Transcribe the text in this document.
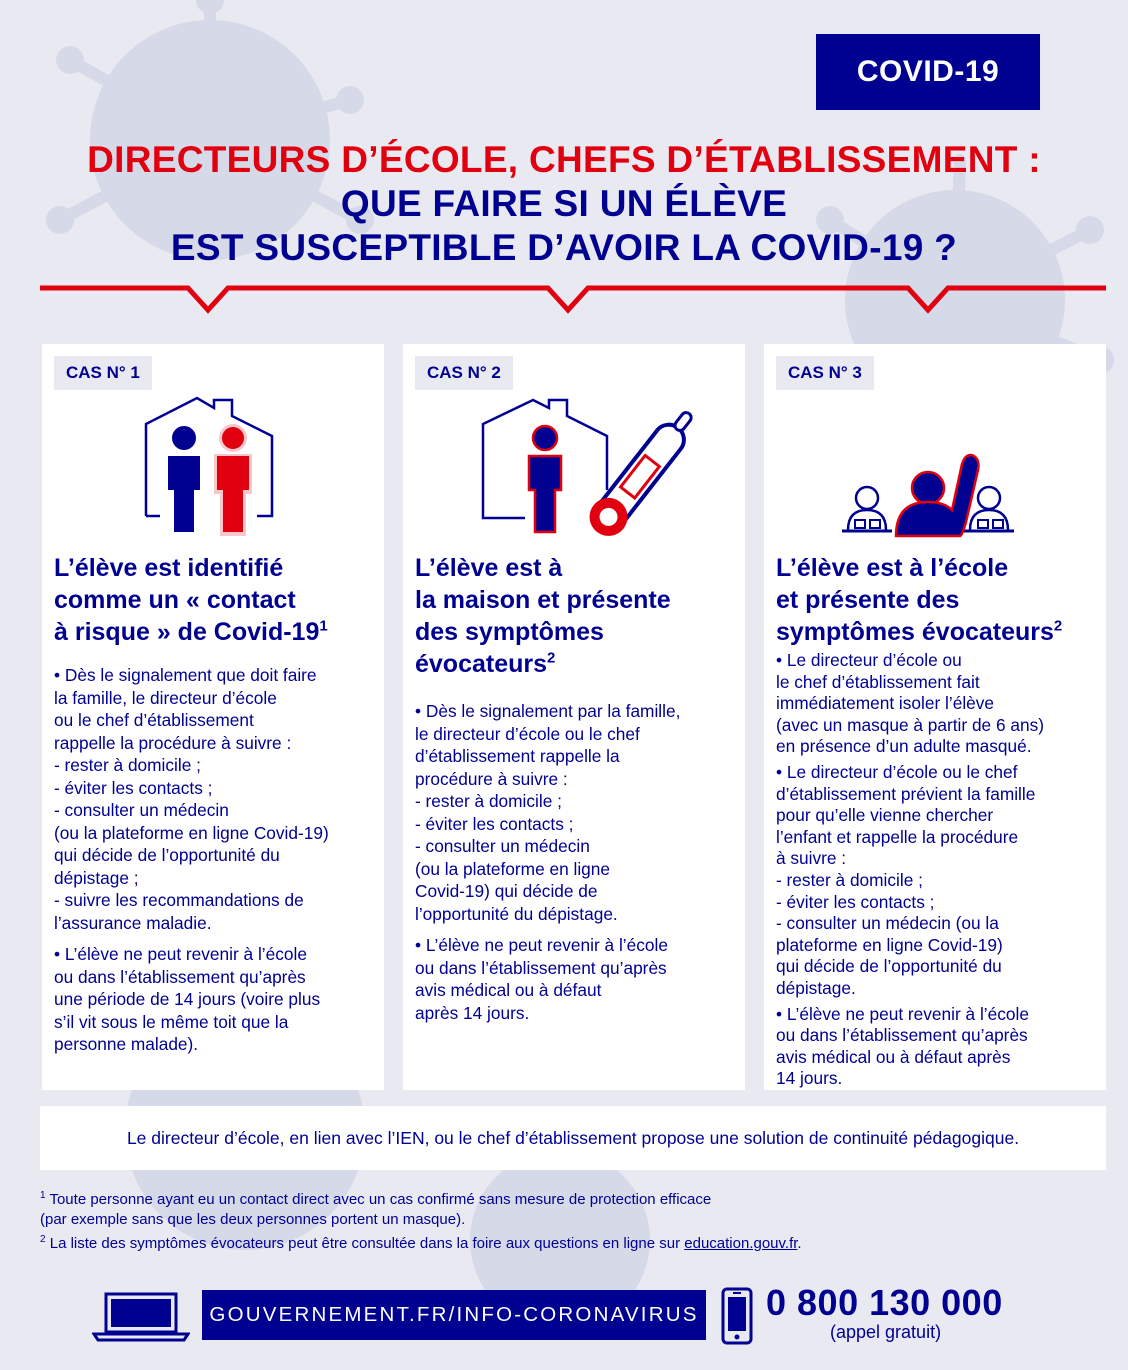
COVID-19
DIRECTEURS D’ÉCOLE, CHEFS D’ÉTABLISSEMENT :
QUE FAIRE SI UN ÉLÈVE
EST SUSCEPTIBLE D’AVOIR LA COVID-19 ?
CAS N° 1
L’élève est identifié
comme un « contact
à risque » de Covid-$19^1$

• Dès le signalement que doit faire
la famille, le directeur d’école
ou le chef d’établissement
rappelle la procédure à suivre :
- rester à domicile ;
- éviter les contacts ;
- consulter un médecin
(ou la plateforme en ligne Covid-19)
qui décide de l’opportunité du
dépistage ;
- suivre les recommandations de
l’assurance maladie.

• L’élève ne peut revenir à l’école
ou dans l’établissement qu’après
une période de 14 jours (voire plus
s’il vit sous le même toit que la
personne malade).

CAS N° 2
L’élève est à
la maison et présente
des symptômes
évocateurs$^2$

• Dès le signalement par la famille,
le directeur d’école ou le chef
d’établissement rappelle la
procédure à suivre :
- rester à domicile ;
- éviter les contacts ;
- consulter un médecin
(ou la plateforme en ligne
Covid-19) qui décide de
l’opportunité du dépistage.

• L’élève ne peut revenir à l’école
ou dans l’établissement qu’après
avis médical ou à défaut
après 14 jours.

CAS N° 3
L’élève est à l’école
et présente des
symptômes évocateurs$^2$

• Le directeur d’école ou
le chef d’établissement fait
immédiatement isoler l’élève
(avec un masque à partir de 6 ans)
en présence d’un adulte masqué.

• Le directeur d’école ou le chef
d’établissement prévient la famille
pour qu’elle vienne chercher
l’enfant et rappelle la procédure
à suivre :
- rester à domicile ;
- éviter les contacts ;
- consulter un médecin (ou la
plateforme en ligne Covid-19)
qui décide de l’opportunité du
dépistage.

• L’élève ne peut revenir à l’école
ou dans l’établissement qu’après
avis médical ou à défaut après
14 jours.

Le directeur d’école, en lien avec l’IEN, ou le chef d’établissement propose une solution de continuité pédagogique.
$^1$ Toute personne ayant eu un contact direct avec un cas confirmé sans mesure de protection efficace
(par exemple sans que les deux personnes portent un masque).
$^2$ La liste des symptômes évocateurs peut être consultée dans la foire aux questions en ligne sur education.gouv.fr.
GOUVERNEMENT.FR/INFO-CORONAVIRUS 0 800 130 000
(appel gratuit)
